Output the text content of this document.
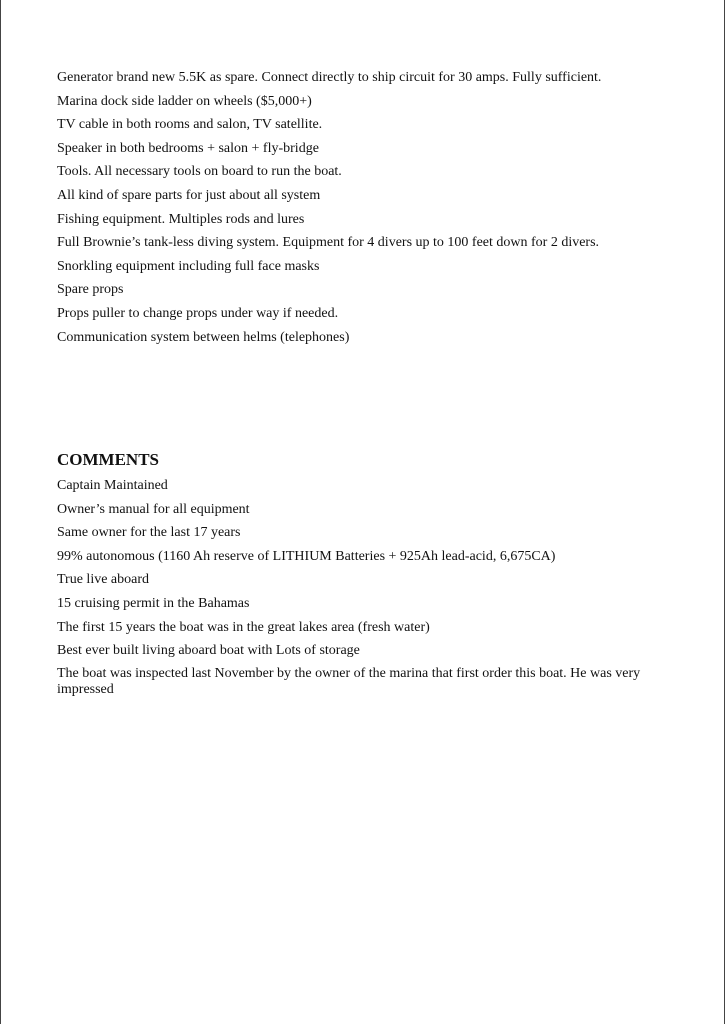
Generator brand new 5.5K as spare. Connect directly to ship circuit for 30 amps. Fully sufficient.
Marina dock side ladder on wheels ($5,000+)
TV cable in both rooms and salon, TV satellite.
Speaker in both bedrooms + salon + fly-bridge
Tools. All necessary tools on board to run the boat.
All kind of spare parts for just about all system
Fishing equipment. Multiples rods and lures
Full Brownie’s tank-less diving system. Equipment for 4 divers up to 100 feet down for 2 divers.
Snorkling equipment including full face masks
Spare props
Props puller to change props under way if needed.
Communication system between helms (telephones)
COMMENTS
Captain Maintained
Owner’s manual for all equipment
Same owner for the last 17 years
99% autonomous (1160 Ah reserve of LITHIUM Batteries + 925Ah lead-acid, 6,675CA)
True live aboard
15 cruising permit in the Bahamas
The first 15 years the boat was in the great lakes area (fresh water)
Best ever built living aboard boat with Lots of storage
The boat was inspected last November by the owner of the marina that first order this boat. He was very impressed
